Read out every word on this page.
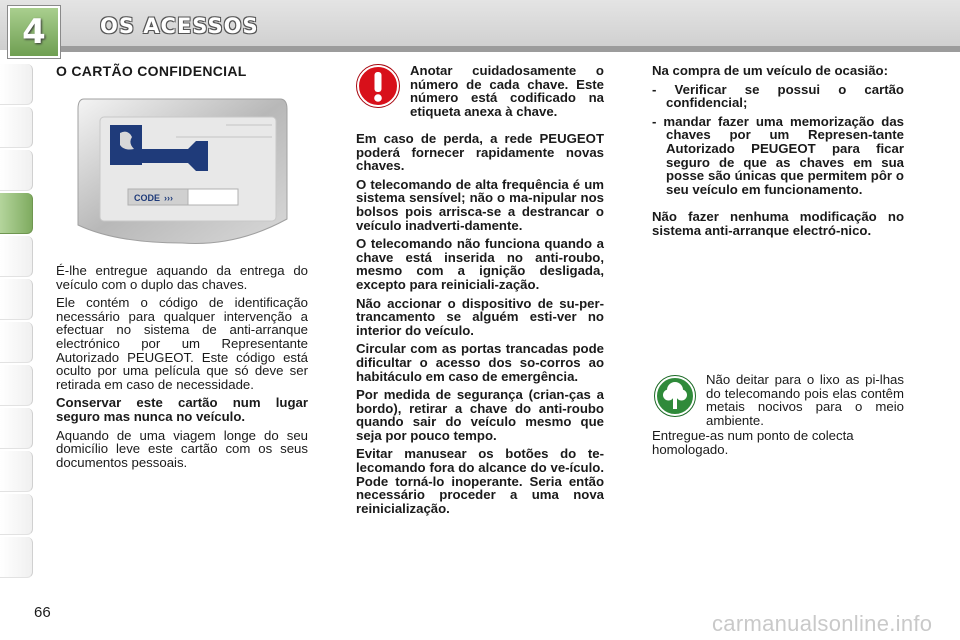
4	OS ACESSOS
O CARTÃO CONFIDENCIAL
CODE ›››

É-lhe entregue aquando da entrega do veículo com o duplo das chaves.

Ele contém o código de identificação necessário para qualquer intervenção a efectuar no sistema de anti-arranque electrónico por um Representante Autorizado PEUGEOT. Este código está oculto por uma película que só deve ser retirada em caso de necessidade.

Conservar este cartão num lugar seguro mas nunca no veículo.

Aquando de uma viagem longe do seu domicílio leve este cartão com os seus documentos pessoais.

Anotar cuidadosamente o número de cada chave. Este número está codificado na etiqueta anexa à chave.

Em caso de perda, a rede PEUGEOT poderá fornecer rapidamente novas chaves.

O telecomando de alta frequência é um sistema sensível; não o ma-nipular nos bolsos pois arrisca-se a destrancar o veículo inadverti-damente.

O telecomando não funciona quando a chave está inserida no anti-roubo, mesmo com a ignição desligada, excepto para reiniciali-zação.

Não accionar o dispositivo de su-per-trancamento se alguém esti-ver no interior do veículo.

Circular com as portas trancadas pode dificultar o acesso dos so-corros ao habitáculo em caso de emergência.

Por medida de segurança (crian-ças a bordo), retirar a chave do anti-roubo quando sair do veículo mesmo que seja por pouco tempo.

Evitar manusear os botões do te-lecomando fora do alcance do ve-ículo. Pode torná-lo inoperante. Seria então necessário proceder a uma nova reinicialização.

Na compra de um veículo de ocasião:

- Verificar se possui o cartão confidencial;

- mandar fazer uma memorização das chaves por um Represen-tante Autorizado PEUGEOT para ficar seguro de que as chaves em sua posse são únicas que permitem pôr o seu veículo em funcionamento.

Não fazer nenhuma modificação no sistema anti-arranque electró-nico.

Não deitar para o lixo as pi-lhas do telecomando pois elas contêm metais nocivos para o meio ambiente.

Entregue-as num ponto de colecta homologado.

66	carmanualsonline.info
